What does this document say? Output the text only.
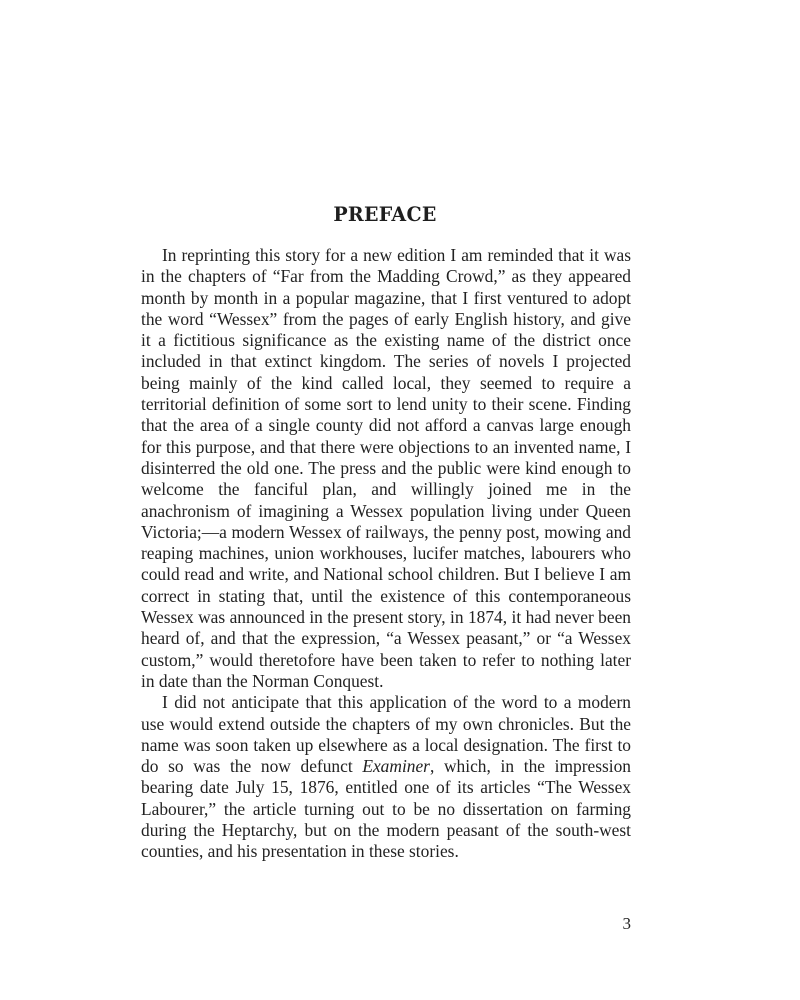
PREFACE

In reprinting this story for a new edition I am reminded that it was in the chapters of “Far from the Madding Crowd,” as they appeared month by month in a popular magazine, that I first ventured to adopt the word “Wessex” from the pages of early English history, and give it a fictitious significance as the existing name of the district once included in that extinct kingdom. The series of novels I projected being mainly of the kind called local, they seemed to require a territorial definition of some sort to lend unity to their scene. Finding that the area of a single county did not afford a canvas large enough for this purpose, and that there were objections to an invented name, I disinterred the old one. The press and the public were kind enough to welcome the fanciful plan, and willingly joined me in the anachronism of imagining a Wessex population living under Queen Victoria;—a modern Wessex of railways, the penny post, mowing and reaping machines, union workhouses, lucifer matches, labourers who could read and write, and National school children. But I believe I am correct in stating that, until the existence of this contemporaneous Wessex was announced in the present story, in 1874, it had never been heard of, and that the expression, “a Wessex peasant,” or “a Wessex custom,” would theretofore have been taken to refer to nothing later in date than the Norman Conquest.

I did not anticipate that this application of the word to a modern use would extend outside the chapters of my own chronicles. But the name was soon taken up elsewhere as a local designation. The first to do so was the now defunct Examiner, which, in the impression bearing date July 15, 1876, entitled one of its articles “The Wessex Labourer,” the article turning out to be no dissertation on farming during the Heptarchy, but on the modern peasant of the south-west counties, and his presentation in these stories.

3
